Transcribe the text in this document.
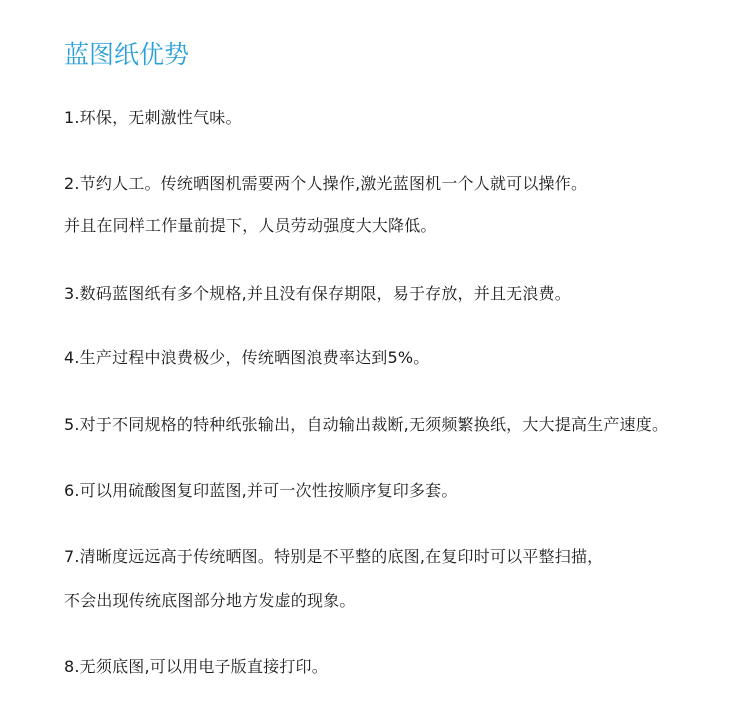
蓝图纸优势
1.环保，无刺激性气味。
2.节约人工。传统晒图机需要两个人操作,激光蓝图机一个人就可以操作。
并且在同样工作量前提下，人员劳动强度大大降低。
3.数码蓝图纸有多个规格,并且没有保存期限，易于存放，并且无浪费。
4.生产过程中浪费极少，传统晒图浪费率达到5%。
5.对于不同规格的特种纸张输出，自动输出裁断,无须频繁换纸，大大提高生产速度。
6.可以用硫酸图复印蓝图,并可一次性按顺序复印多套。
7.清晰度远远高于传统晒图。特别是不平整的底图,在复印时可以平整扫描，
不会出现传统底图部分地方发虚的现象。
8.无须底图,可以用电子版直接打印。
